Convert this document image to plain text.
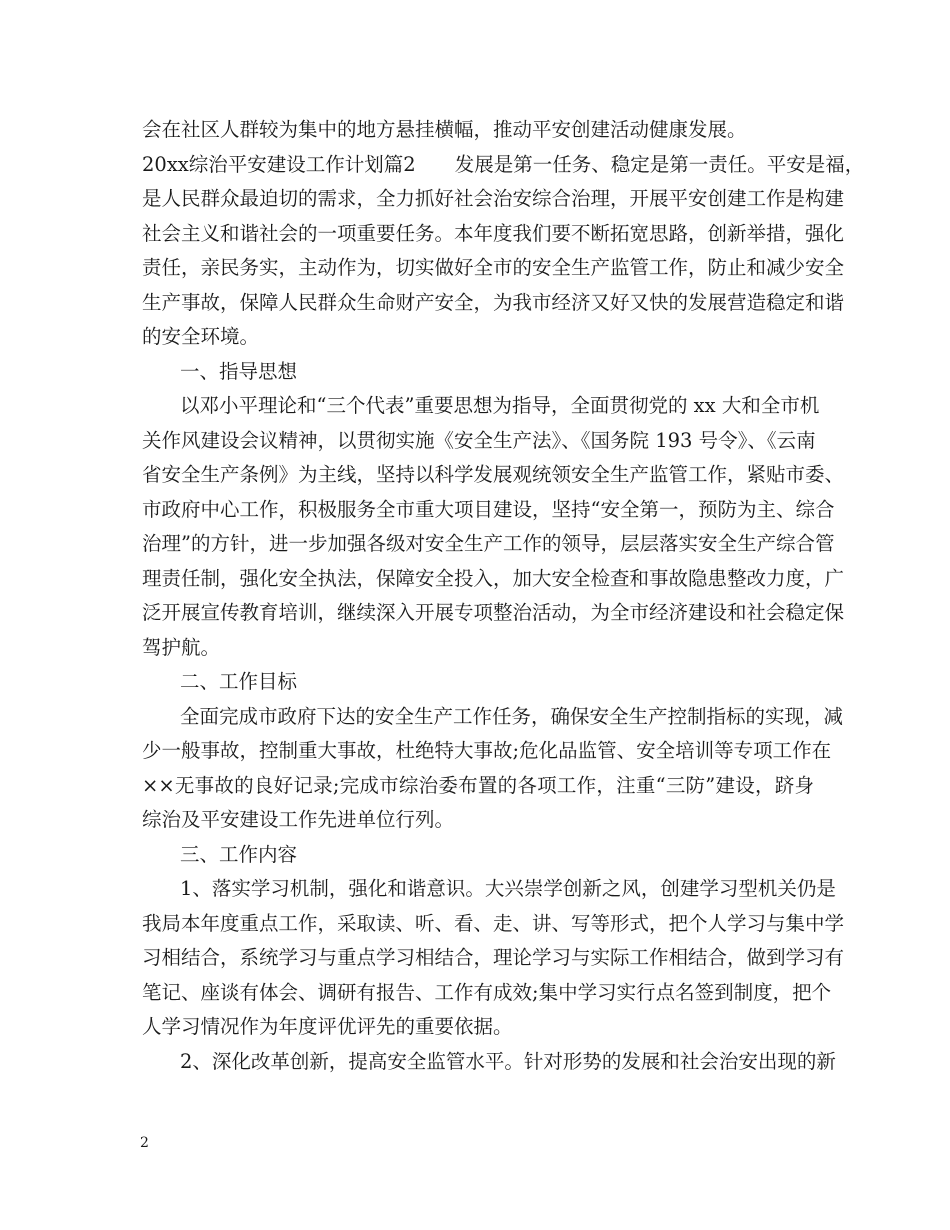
会在社区人群较为集中的地方悬挂横幅，推动平安创建活动健康发展。
20xx综治平安建设工作计划篇2　　发展是第一任务、稳定是第一责任。平安是福，
是人民群众最迫切的需求，全力抓好社会治安综合治理，开展平安创建工作是构建
社会主义和谐社会的一项重要任务。本年度我们要不断拓宽思路，创新举措，强化
责任，亲民务实，主动作为，切实做好全市的安全生产监管工作，防止和减少安全
生产事故，保障人民群众生命财产安全，为我市经济又好又快的发展营造稳定和谐
的安全环境。
一、指导思想
以邓小平理论和“三个代表”重要思想为指导，全面贯彻党的 xx 大和全市机
关作风建设会议精神，以贯彻实施《安全生产法》、《国务院 193 号令》、《云南
省安全生产条例》为主线，坚持以科学发展观统领安全生产监管工作，紧贴市委、
市政府中心工作，积极服务全市重大项目建设，坚持“安全第一，预防为主、综合
治理”的方针，进一步加强各级对安全生产工作的领导，层层落实安全生产综合管
理责任制，强化安全执法，保障安全投入，加大安全检查和事故隐患整改力度，广
泛开展宣传教育培训，继续深入开展专项整治活动，为全市经济建设和社会稳定保
驾护航。
二、工作目标
全面完成市政府下达的安全生产工作任务，确保安全生产控制指标的实现，减
少一般事故，控制重大事故，杜绝特大事故;危化品监管、安全培训等专项工作在
××无事故的良好记录;完成市综治委布置的各项工作，注重“三防”建设，跻身
综治及平安建设工作先进单位行列。
三、工作内容
1、落实学习机制，强化和谐意识。大兴崇学创新之风，创建学习型机关仍是
我局本年度重点工作，采取读、听、看、走、讲、写等形式，把个人学习与集中学
习相结合，系统学习与重点学习相结合，理论学习与实际工作相结合，做到学习有
笔记、座谈有体会、调研有报告、工作有成效;集中学习实行点名签到制度，把个
人学习情况作为年度评优评先的重要依据。
2、深化改革创新，提高安全监管水平。针对形势的发展和社会治安出现的新
2
